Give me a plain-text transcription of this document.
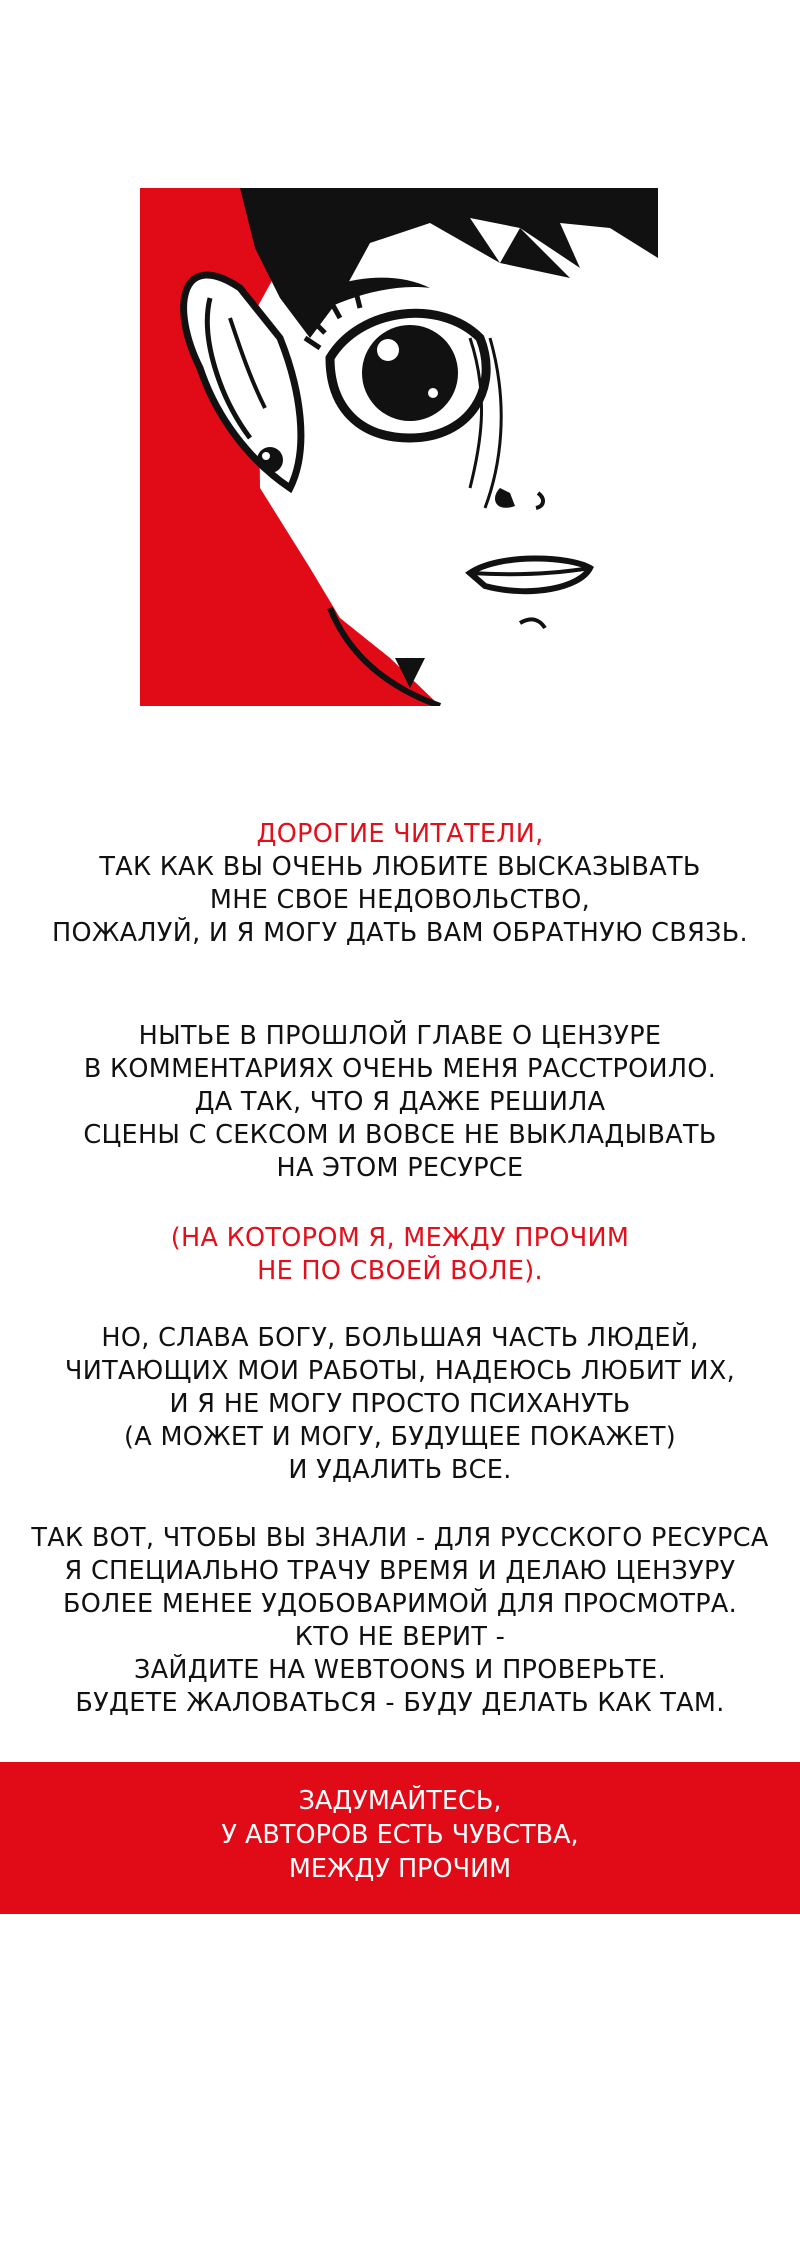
ДОРОГИЕ ЧИТАТЕЛИ,
ТАК КАК ВЫ ОЧЕНЬ ЛЮБИТЕ ВЫСКАЗЫВАТЬ
МНЕ СВОЕ НЕДОВОЛЬСТВО,
ПОЖАЛУЙ, И Я МОГУ ДАТЬ ВАМ ОБРАТНУЮ СВЯЗЬ.
НЫТЬЕ В ПРОШЛОЙ ГЛАВЕ О ЦЕНЗУРЕ
В КОММЕНТАРИЯХ ОЧЕНЬ МЕНЯ РАССТРОИЛО.
ДА ТАК, ЧТО Я ДАЖЕ РЕШИЛА
СЦЕНЫ С СЕКСОМ И ВОВСЕ НЕ ВЫКЛАДЫВАТЬ
НА ЭТОМ РЕСУРСЕ
(НА КОТОРОМ Я, МЕЖДУ ПРОЧИМ
НЕ ПО СВОЕЙ ВОЛЕ).
НО, СЛАВА БОГУ, БОЛЬШАЯ ЧАСТЬ ЛЮДЕЙ,
ЧИТАЮЩИХ МОИ РАБОТЫ, НАДЕЮСЬ ЛЮБИТ ИХ,
И Я НЕ МОГУ ПРОСТО ПСИХАНУТЬ
(А МОЖЕТ И МОГУ, БУДУЩЕЕ ПОКАЖЕТ)
И УДАЛИТЬ ВСЕ.
ТАК ВОТ, ЧТОБЫ ВЫ ЗНАЛИ - ДЛЯ РУССКОГО РЕСУРСА
Я СПЕЦИАЛЬНО ТРАЧУ ВРЕМЯ И ДЕЛАЮ ЦЕНЗУРУ
БОЛЕЕ МЕНЕЕ УДОБОВАРИМОЙ ДЛЯ ПРОСМОТРА.
КТО НЕ ВЕРИТ -
ЗАЙДИТЕ НА WEBTOONS И ПРОВЕРЬТЕ.
БУДЕТЕ ЖАЛОВАТЬСЯ - БУДУ ДЕЛАТЬ КАК ТАМ.
ЗАДУМАЙТЕСЬ,
У АВТОРОВ ЕСТЬ ЧУВСТВА,
МЕЖДУ ПРОЧИМ
